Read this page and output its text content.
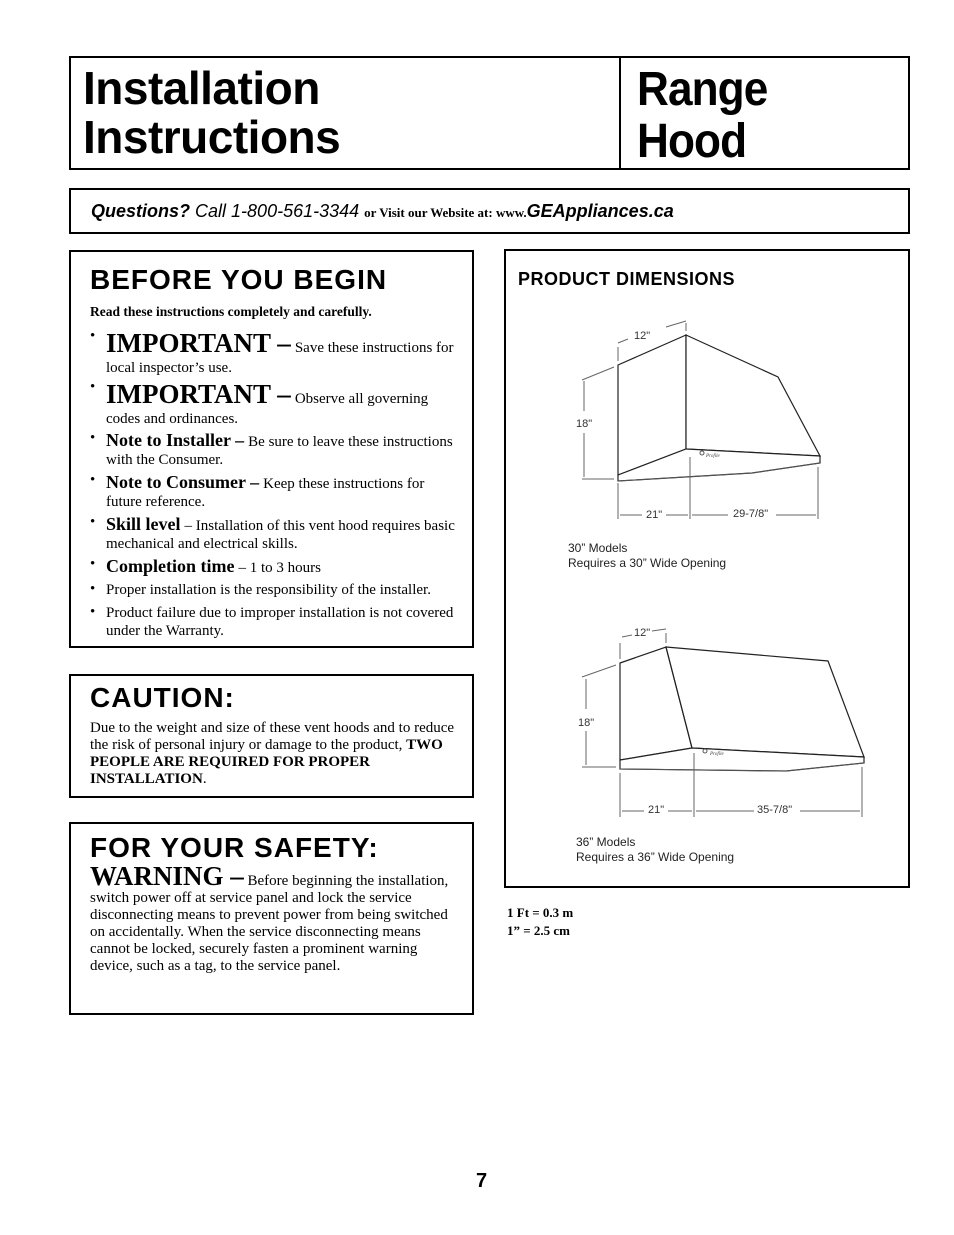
Installation
Instructions
Range Hood
Questions? Call 1-800-561-3344 or Visit our Website at: www.GEAppliances.ca
BEFORE YOU BEGIN
Read these instructions completely and carefully.
• IMPORTANT – Save these instructions for local inspector’s use.
• IMPORTANT – Observe all governing codes and ordinances.
• Note to Installer – Be sure to leave these instructions with the Consumer.
• Note to Consumer – Keep these instructions for future reference.
• Skill level – Installation of this vent hood requires basic mechanical and electrical skills.
• Completion time – 1 to 3 hours
• Proper installation is the responsibility of the installer.
• Product failure due to improper installation is not covered under the Warranty.
CAUTION:
Due to the weight and size of these vent hoods and to reduce the risk of personal injury or damage to the product, TWO PEOPLE ARE REQUIRED FOR PROPER INSTALLATION.
FOR YOUR SAFETY:
WARNING – Before beginning the installation, switch power off at service panel and lock the service disconnecting means to prevent power from being switched on accidentally. When the service disconnecting means cannot be locked, securely fasten a prominent warning device, such as a tag, to the service panel.
PRODUCT DIMENSIONS
12"
18"
21"	29-7/8"
Profile
12"
18"
21"	35-7/8"
Profile
30” Models
Requires a 30” Wide Opening
36” Models
Requires a 36” Wide Opening
1 Ft = 0.3 m
1” = 2.5 cm
7
